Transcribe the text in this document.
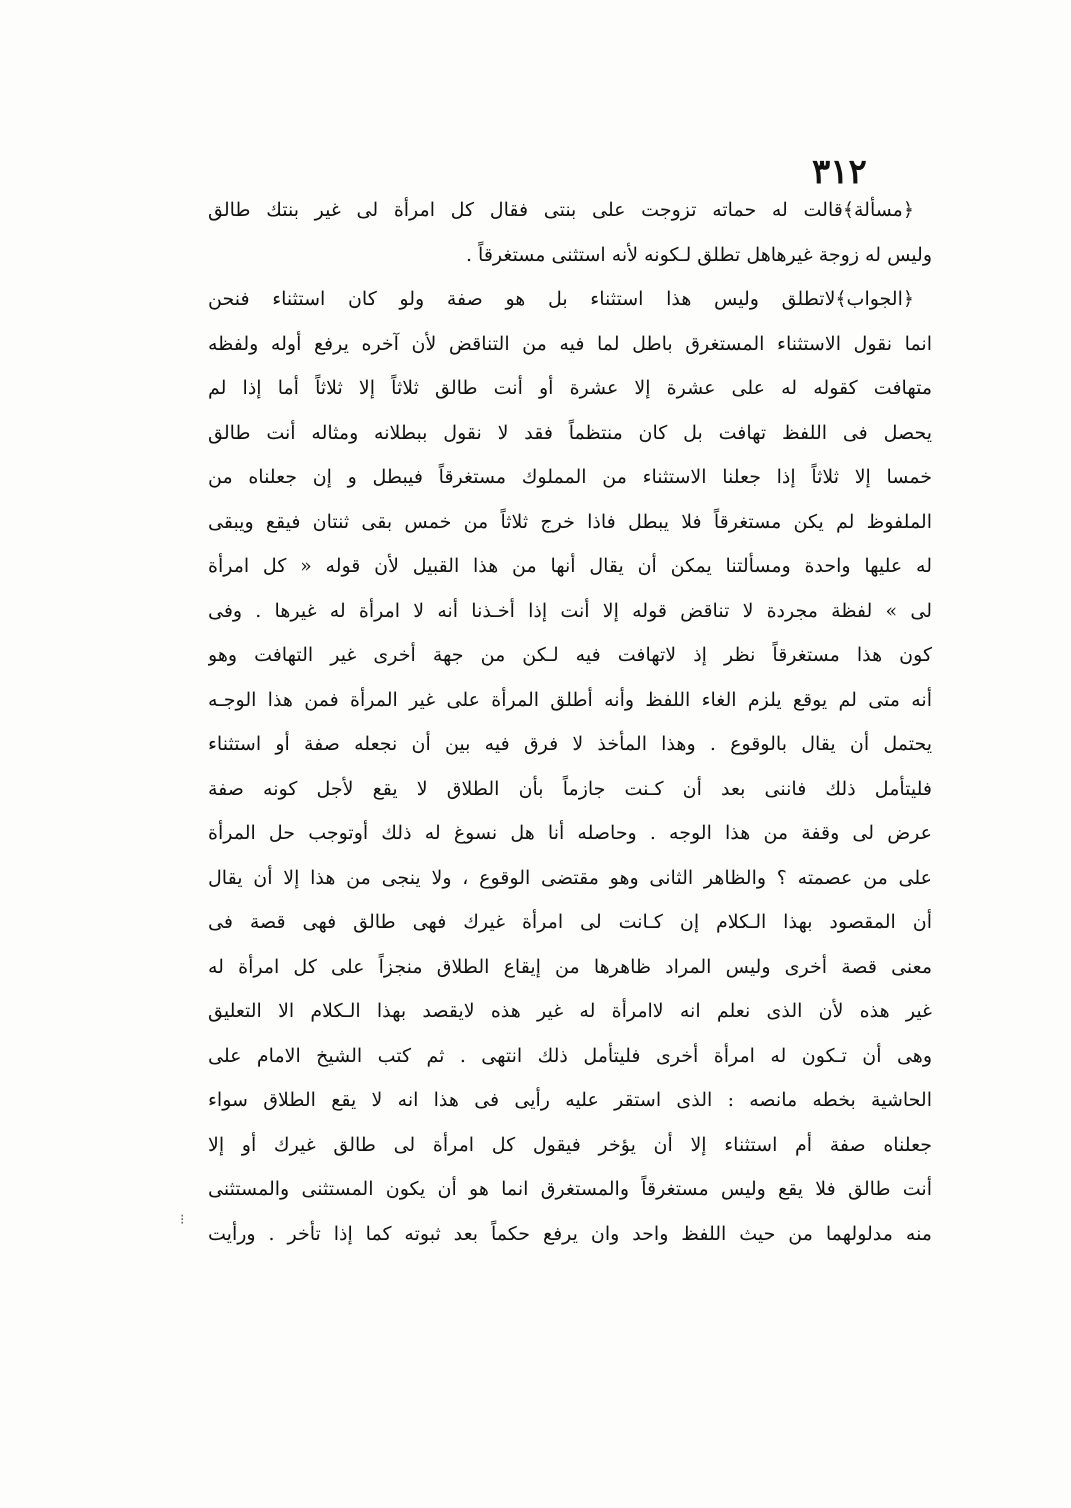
٣١٢
⁝
﴿مسألة﴾قالت له حماته تزوجت على بنتى فقال كل امرأة لى غير بنتك طالق
وليس له زوجة غيرهاهل تطلق لـكونه لأنه استثنى مستغرقاً .
﴿الجواب﴾لاتطلق وليس هذا استثناء بل هو صفة ولو كان استثناء فنحن
انما نقول الاستثناء المستغرق باطل لما فيه من التناقض لأن آخره يرفع أوله ولفظه
متهافت كقوله له على عشرة إلا عشرة أو أنت طالق ثلاثاً إلا ثلاثاً أما إذا لم
يحصل فى اللفظ تهافت بل كان منتظماً فقد لا نقول ببطلانه ومثاله أنت طالق
خمسا إلا ثلاثاً إذا جعلنا الاستثناء من المملوك مستغرقاً فيبطل و إن جعلناه من
الملفوظ لم يكن مستغرقاً فلا يبطل فاذا خرج ثلاثاً من خمس بقى ثنتان فيقع ويبقى
له عليها واحدة ومسألتنا يمكن أن يقال أنها من هذا القبيل لأن قوله « كل امرأة
لى » لفظة مجردة لا تناقض قوله إلا أنت إذا أخـذنا أنه لا امرأة له غيرها . وفى
كون هذا مستغرقاً نظر إذ لاتهافت فيه لـكن من جهة أخرى غير التهافت وهو
أنه متى لم يوقع يلزم الغاء اللفظ وأنه أطلق المرأة على غير المرأة فمن هذا الوجـه
يحتمل أن يقال بالوقوع . وهذا المأخذ لا فرق فيه بين أن نجعله صفة أو استثناء
فليتأمل ذلك فاننى بعد أن كـنت جازماً بأن الطلاق لا يقع لأجل كونه صفة
عرض لى وقفة من هذا الوجه . وحاصله أنا هل نسوغ له ذلك أوتوجب حل المرأة
على من عصمته ؟ والظاهر الثانى وهو مقتضى الوقوع ، ولا ينجى من هذا إلا أن يقال
أن المقصود بهذا الـكلام إن كـانت لى امرأة غيرك فهى طالق فهى قصة فى
معنى قصة أخرى وليس المراد ظاهرها من إيقاع الطلاق منجزاً على كل امرأة له
غير هذه لأن الذى نعلم انه لاامرأة له غير هذه لايقصد بهذا الـكلام الا التعليق
وهى أن تـكون له امرأة أخرى فليتأمل ذلك انتهى . ثم كتب الشيخ الامام على
الحاشية بخطه مانصه : الذى استقر عليه رأيى فى هذا انه لا يقع الطلاق سواء
جعلناه صفة أم استثناء إلا أن يؤخر فيقول كل امرأة لى طالق غيرك أو إلا
أنت طالق فلا يقع وليس مستغرقاً والمستغرق انما هو أن يكون المستثنى والمستثنى
منه مدلولهما من حيث اللفظ واحد وان يرفع حكماً بعد ثبوته كما إذا تأخر . ورأيت
